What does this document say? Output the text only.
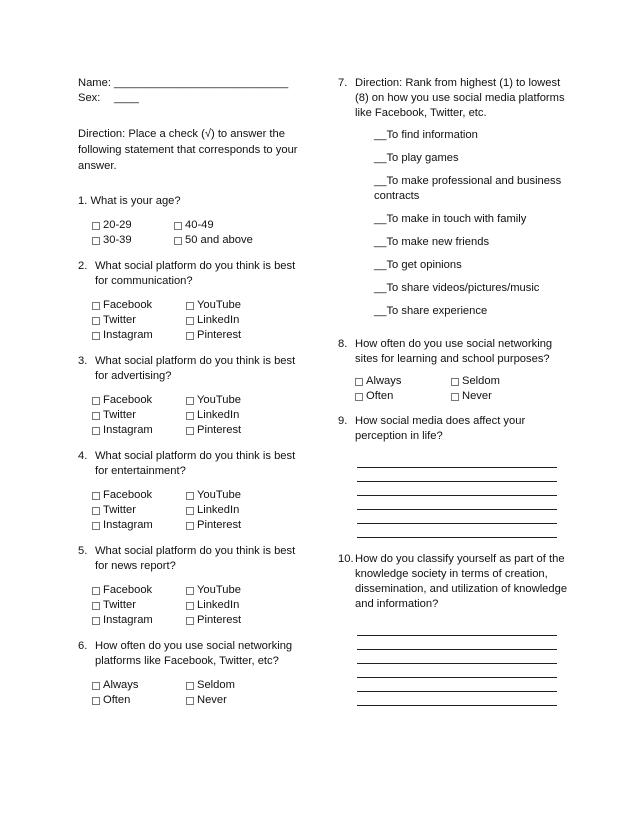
Name: ____________________________
Sex:	____

Direction: Place a check (√) to answer the following statement that corresponds to your answer.

1. What is your age?
20-29	40-49
30-39	50 and above
2. What social platform do you think is best for communication?
Facebook	YouTube
Twitter	LinkedIn
Instagram	Pinterest
3. What social platform do you think is best for advertising?
Facebook	YouTube
Twitter	LinkedIn
Instagram	Pinterest
4. What social platform do you think is best for entertainment?
Facebook	YouTube
Twitter	LinkedIn
Instagram	Pinterest
5. What social platform do you think is best for news report?
Facebook	YouTube
Twitter	LinkedIn
Instagram	Pinterest
6. How often do you use social networking platforms like Facebook, Twitter, etc?
Always	Seldom
Often	Never
7. Direction: Rank from highest (1) to lowest (8) on how you use social media platforms like Facebook, Twitter, etc.
__To find information
__To play games
__To make professional and business contracts
__To make in touch with family
__To make new friends
__To get opinions
__To share videos/pictures/music
__To share experience
8. How often do you use social networking sites for learning and school purposes?
Always	Seldom
Often	Never
9. How social media does affect your perception in life?
10. How do you classify yourself as part of the knowledge society in terms of creation, dissemination, and utilization of knowledge and information?
